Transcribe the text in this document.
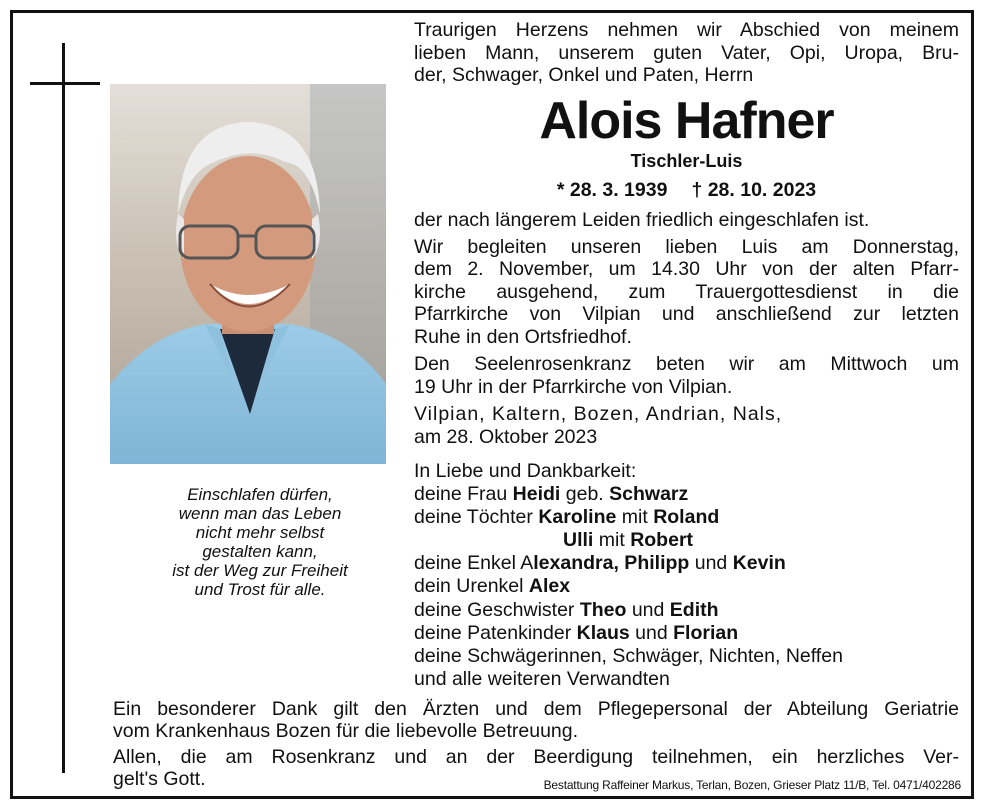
Einschlafen dürfen,
wenn man das Leben
nicht mehr selbst
gestalten kann,
ist der Weg zur Freiheit
und Trost für alle.
Traurigen Herzens nehmen wir Abschied von meinem
lieben Mann, unserem guten Vater, Opi, Uropa, Bru-
der, Schwager, Onkel und Paten, Herrn
Alois Hafner
Tischler-Luis
* 28. 3. 1939 † 28. 10. 2023
der nach längerem Leiden friedlich eingeschlafen ist.
Wir begleiten unseren lieben Luis am Donnerstag,
dem 2. November, um 14.30 Uhr von der alten Pfarr-
kirche ausgehend, zum Trauergottesdienst in die
Pfarrkirche von Vilpian und anschließend zur letzten
Ruhe in den Ortsfriedhof.
Den Seelenrosenkranz beten wir am Mittwoch um
19 Uhr in der Pfarrkirche von Vilpian.
Vilpian, Kaltern, Bozen, Andrian, Nals,
am 28. Oktober 2023
In Liebe und Dankbarkeit:
deine Frau Heidi geb. Schwarz
deine Töchter Karoline mit Roland
Ulli mit Robert
deine Enkel Alexandra, Philipp und Kevin
dein Urenkel Alex
deine Geschwister Theo und Edith
deine Patenkinder Klaus und Florian
deine Schwägerinnen, Schwäger, Nichten, Neffen
und alle weiteren Verwandten
Ein besonderer Dank gilt den Ärzten und dem Pflegepersonal der Abteilung Geriatrie
vom Krankenhaus Bozen für die liebevolle Betreuung.
Allen, die am Rosenkranz und an der Beerdigung teilnehmen, ein herzliches Ver-
gelt's Gott.	Bestattung Raffeiner Markus, Terlan, Bozen, Grieser Platz 11/B, Tel. 0471/402286
